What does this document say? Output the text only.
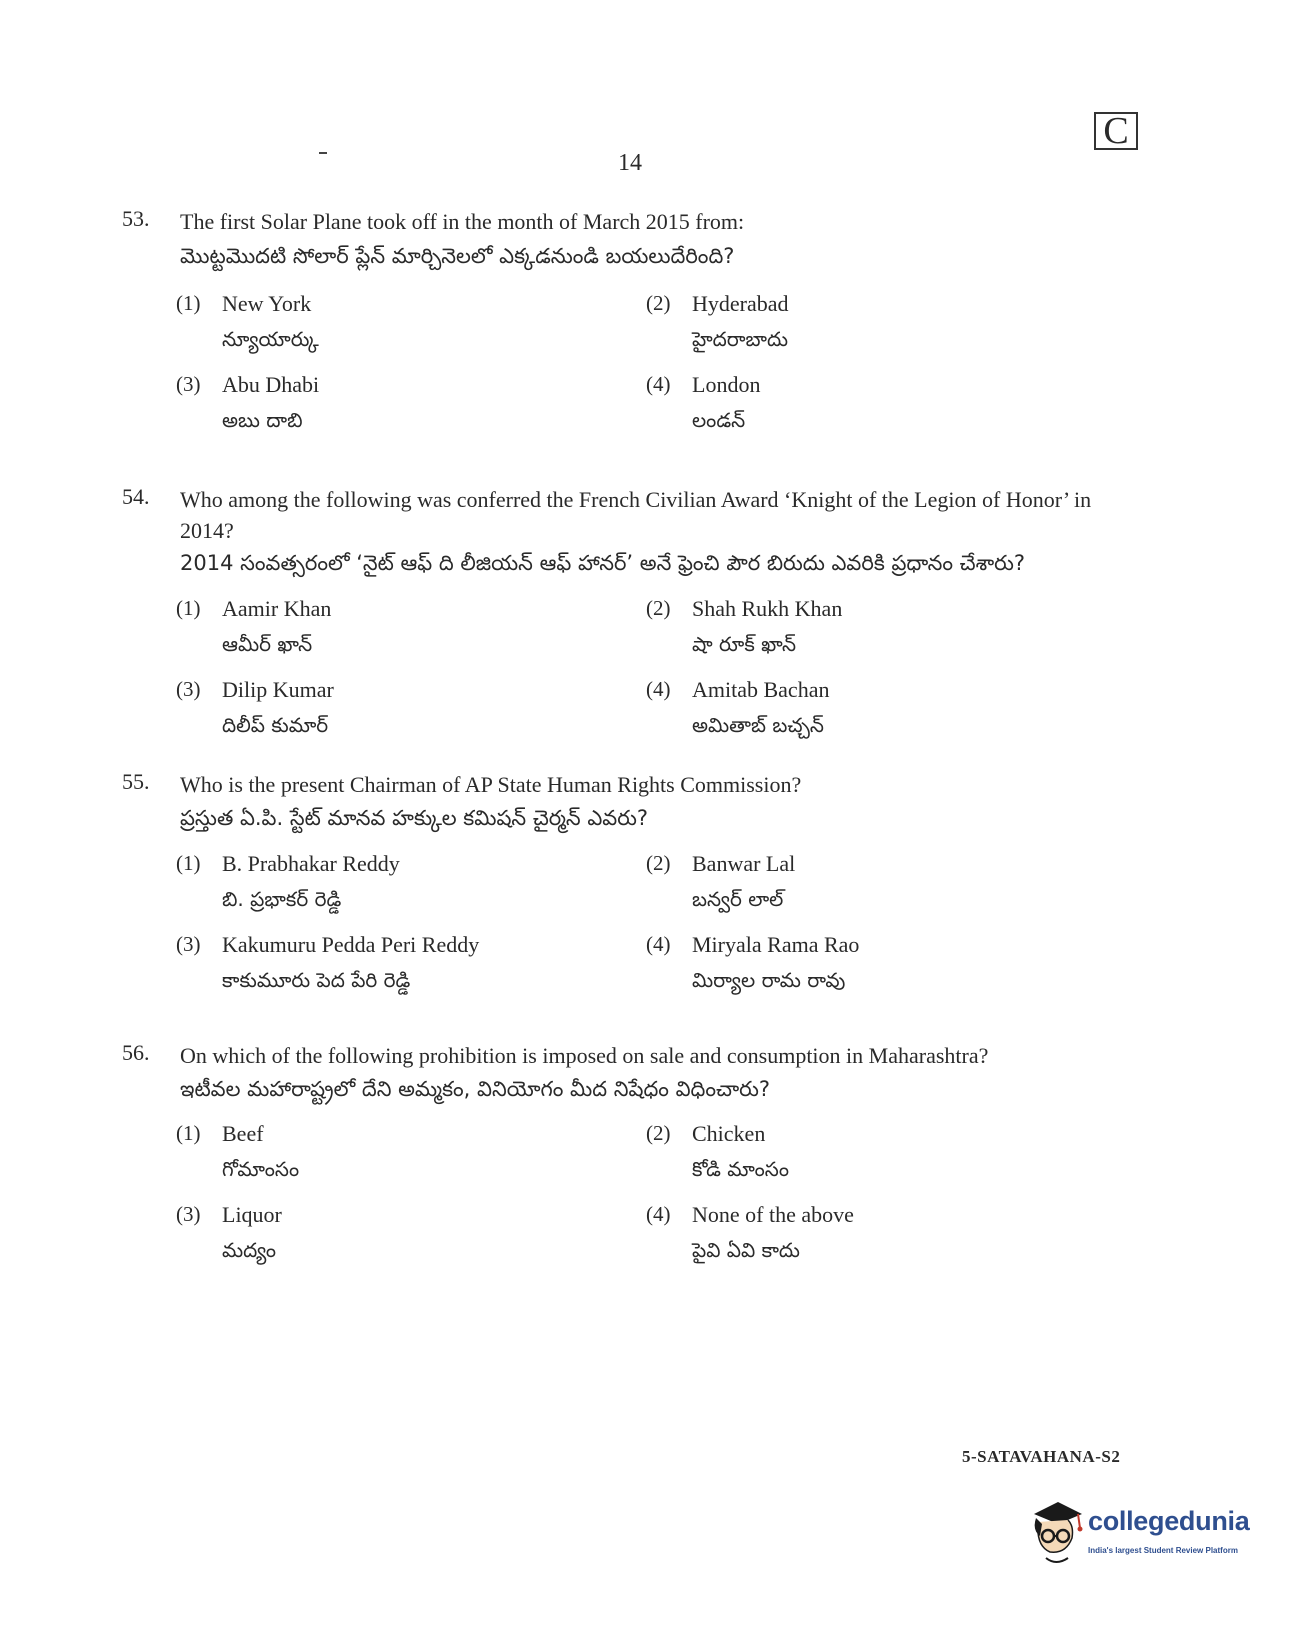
C
14
53. The first Solar Plane took off in the month of March 2015 from:
మొట్టమొదటి సోలార్ ప్లేన్ మార్చినెలలో ఎక్కడనుండి బయలుదేరింది?
(1) New York
న్యూయార్కు
(2) Hyderabad
హైదరాబాదు
(3) Abu Dhabi
అబు దాబి
(4) London
లండన్
54. Who among the following was conferred the French Civilian Award ‘Knight of the Legion of Honor’ in 2014?
2014 సంవత్సరంలో ‘నైట్ ఆఫ్ ది లీజియన్ ఆఫ్ హానర్’ అనే ఫ్రెంచి పౌర బిరుదు ఎవరికి ప్రధానం చేశారు?
(1) Aamir Khan
ఆమీర్ ఖాన్
(2) Shah Rukh Khan
షా రూక్ ఖాన్
(3) Dilip Kumar
దిలీప్ కుమార్
(4) Amitab Bachan
అమితాబ్ బచ్చన్
55. Who is the present Chairman of AP State Human Rights Commission?
ప్రస్తుత ఏ.పి. స్టేట్ మానవ హక్కుల కమిషన్ చైర్మన్ ఎవరు?
(1) B. Prabhakar Reddy
బి. ప్రభాకర్ రెడ్డి
(2) Banwar Lal
బన్వర్ లాల్
(3) Kakumuru Pedda Peri Reddy
కాకుమూరు పెద పేరి రెడ్డి
(4) Miryala Rama Rao
మిర్యాల రామ రావు
56. On which of the following prohibition is imposed on sale and consumption in Maharashtra?
ఇటీవల మహారాష్ట్రలో దేని అమ్మకం, వినియోగం మీద నిషేధం విధించారు?
(1) Beef
గోమాంసం
(2) Chicken
కోడి మాంసం
(3) Liquor
మద్యం
(4) None of the above
పైవి ఏవి కాదు
5-SATAVAHANA-S2
collegedunia
India's largest Student Review Platform
